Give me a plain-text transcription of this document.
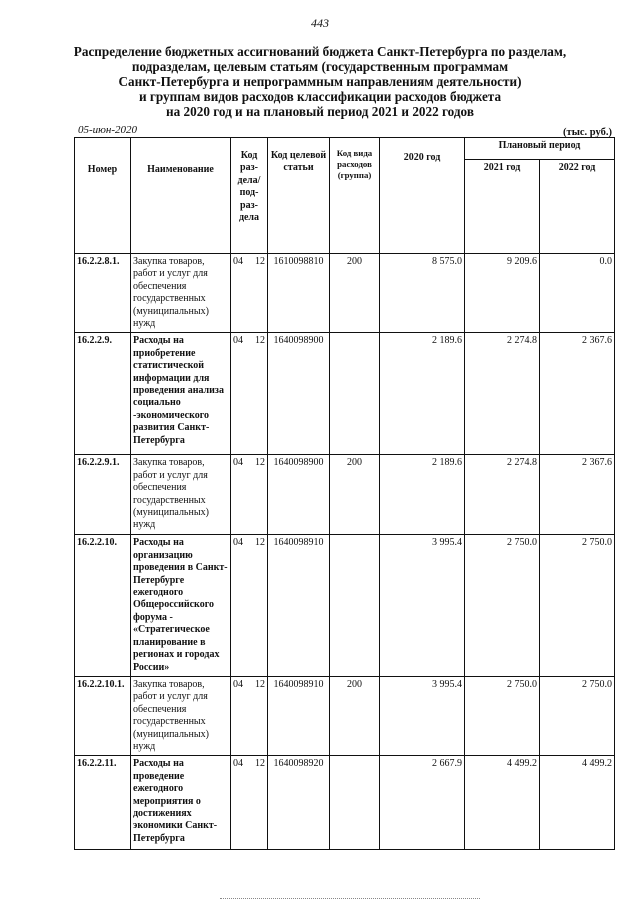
443
Распределение бюджетных ассигнований бюджета Санкт-Петербурга по разделам,
подразделам, целевым статьям (государственным программам
Санкт-Петербурга и непрограммным направлениям деятельности)
и группам видов расходов классификации расходов бюджета
на 2020 год и на плановый период 2021 и 2022 годов
05-июн-2020	(тыс. руб.)
Номер	Наименование	Код раз- дела/ под- раз- дела	Код целевой статьи	Код вида расходов (группа)	2020 год	Плановый период	
						2021 год	2022 год
16.2.2.8.1.	Закупка товаров, работ и услуг для обеспечения государственных (муниципальных) нужд	04 12	1610098810	200	8 575.0	9 209.6	0.0
16.2.2.9.	Расходы на приобретение статистической информации для проведения анализа социально -экономического развития Санкт-Петербурга	04 12	1640098900		2 189.6	2 274.8	2 367.6
16.2.2.9.1.	Закупка товаров, работ и услуг для обеспечения государственных (муниципальных) нужд	04 12	1640098900	200	2 189.6	2 274.8	2 367.6
16.2.2.10.	Расходы на организацию проведения в Санкт-Петербурге ежегодного Общероссийского форума - «Стратегическое планирование в регионах и городах России»	04 12	1640098910		3 995.4	2 750.0	2 750.0
16.2.2.10.1.	Закупка товаров, работ и услуг для обеспечения государственных (муниципальных) нужд	04 12	1640098910	200	3 995.4	2 750.0	2 750.0
16.2.2.11.	Расходы на проведение ежегодного мероприятия о достижениях экономики Санкт-Петербурга	04 12	1640098920		2 667.9	4 499.2	4 499.2
